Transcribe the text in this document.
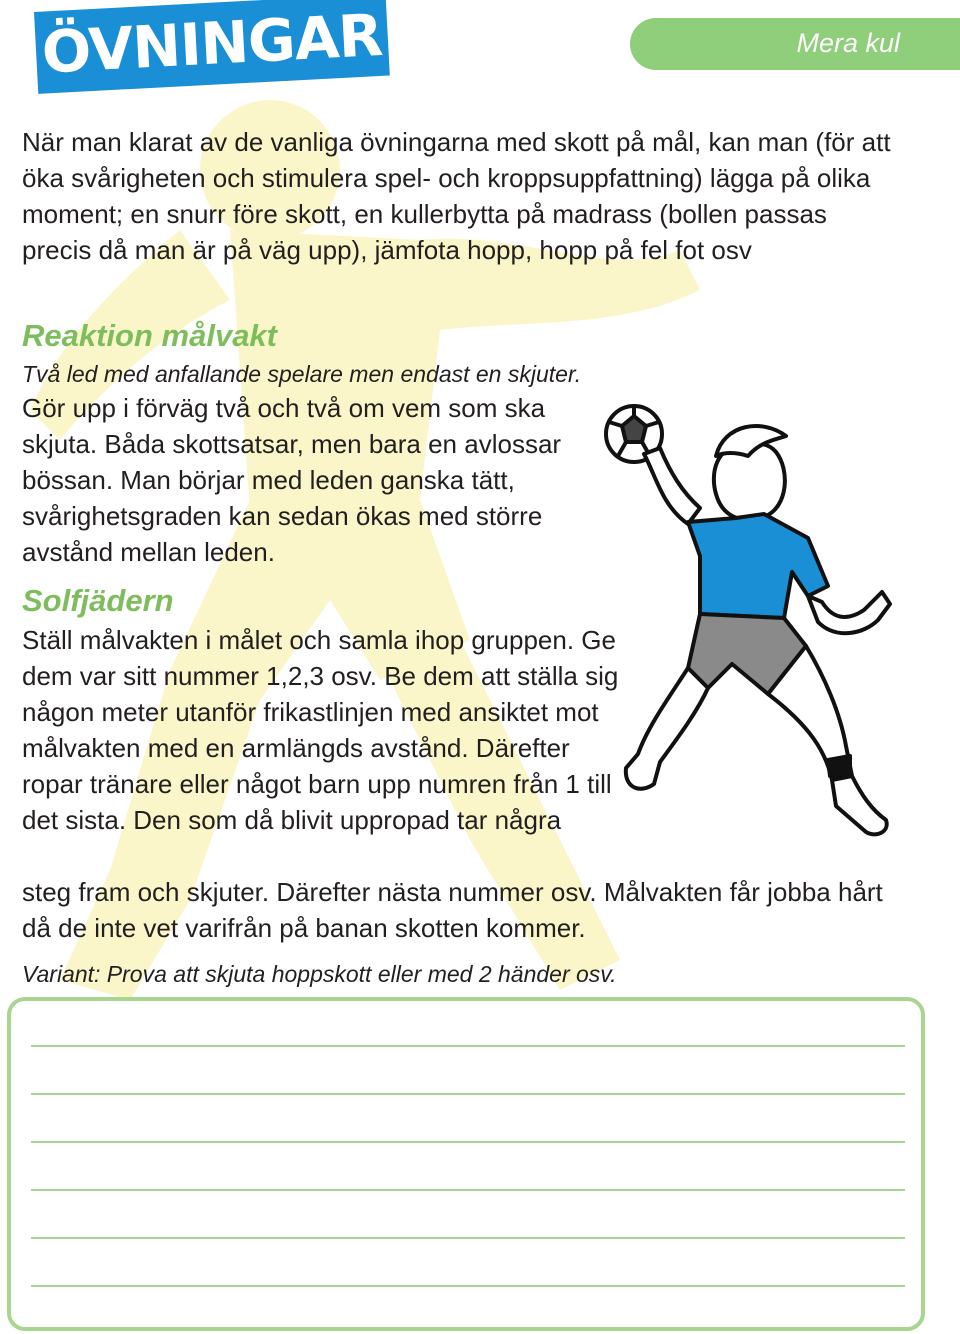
ÖVNINGAR	Mera kul

När man klarat av de vanliga övningarna med skott på mål, kan man (för att öka svårigheten och stimulera spel- och kroppsuppfattning) lägga på olika moment; en snurr före skott, en kullerbytta på madrass (bollen passas precis då man är på väg upp), jämfota hopp, hopp på fel fot osv

Reaktion målvakt

Två led med anfallande spelare men endast en skjuter.

Gör upp i förväg två och två om vem som ska skjuta. Båda skottsatsar, men bara en avlossar bössan. Man börjar med leden ganska tätt, svårighetsgraden kan sedan ökas med större avstånd mellan leden.

Solfjädern

Ställ målvakten i målet och samla ihop gruppen. Ge dem var sitt nummer 1,2,3 osv. Be dem att ställa sig någon meter utanför frikastlinjen med ansiktet mot målvakten med en armlängds avstånd. Därefter ropar tränare eller något barn upp numren från 1 till det sista. Den som då blivit uppropad tar några

steg fram och skjuter. Därefter nästa nummer osv. Målvakten får jobba hårt då de inte vet varifrån på banan skotten kommer.

Variant: Prova att skjuta hoppskott eller med 2 händer osv.
